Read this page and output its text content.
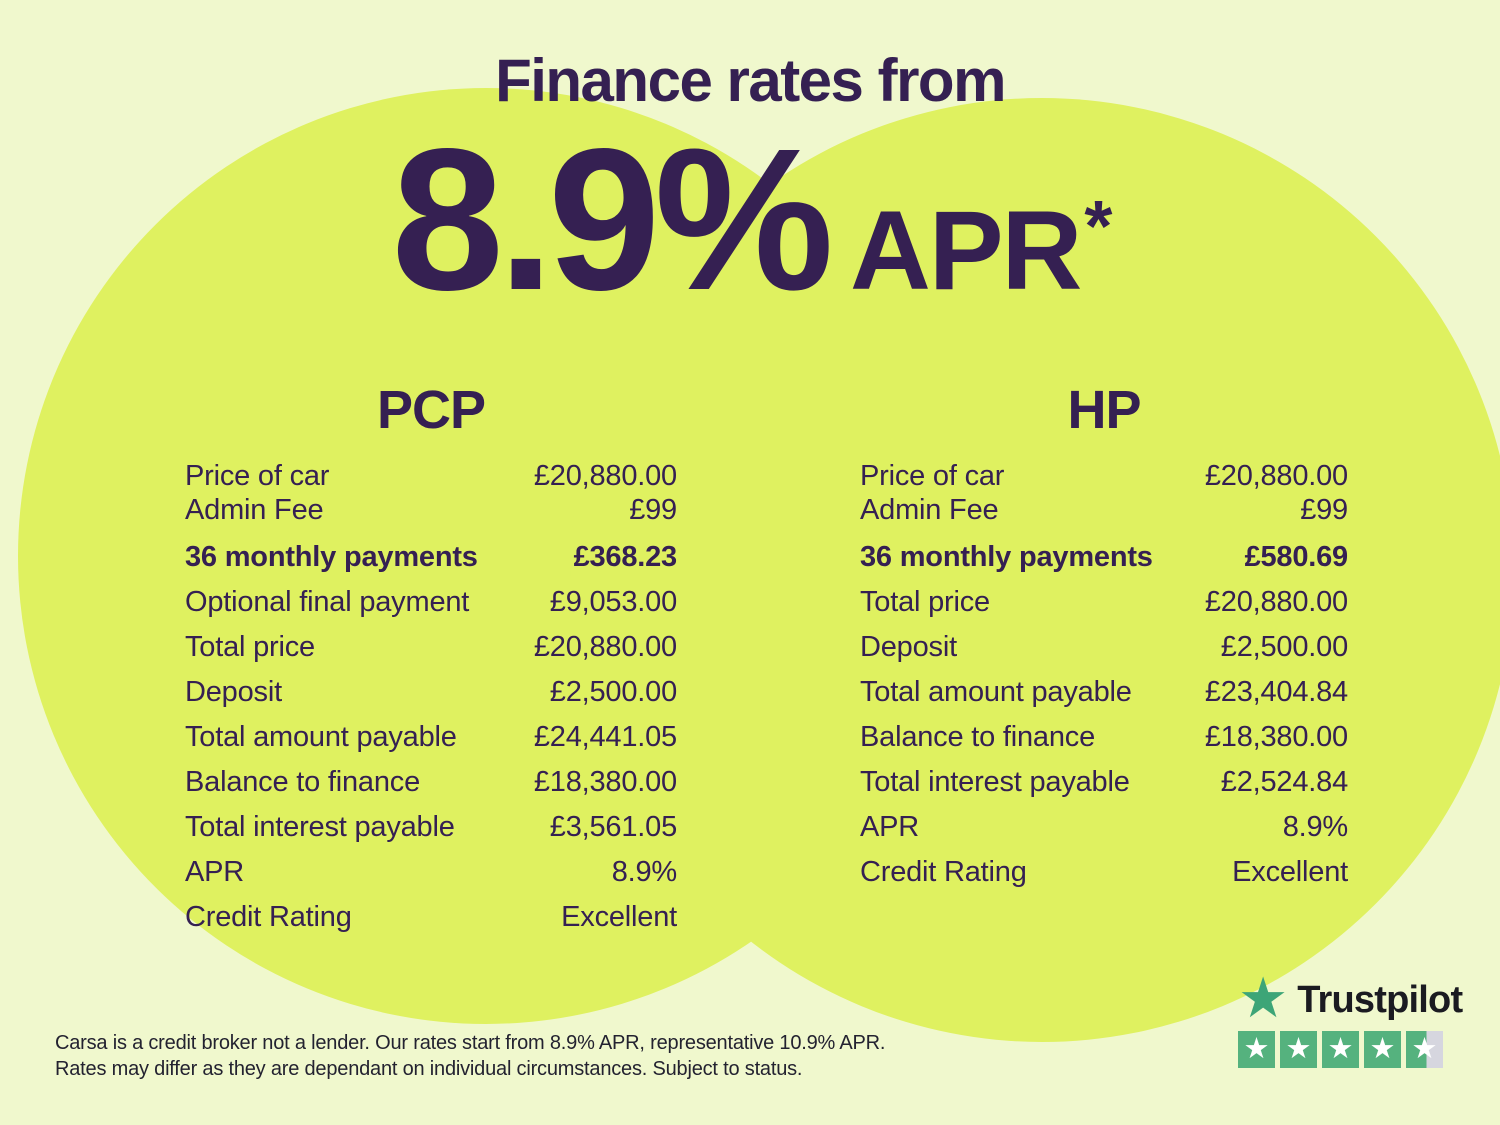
Finance rates from
8.9% APR *
PCP
Price of car	£20,880.00
Admin Fee	£99
36 monthly payments	£368.23
Optional final payment	£9,053.00
Total price	£20,880.00
Deposit	£2,500.00
Total amount payable	£24,441.05
Balance to finance	£18,380.00
Total interest payable	£3,561.05
APR	8.9%
Credit Rating	Excellent
HP
Price of car	£20,880.00
Admin Fee	£99
36 monthly payments	£580.69
Total price	£20,880.00
Deposit	£2,500.00
Total amount payable	£23,404.84
Balance to finance	£18,380.00
Total interest payable	£2,524.84
APR	8.9%
Credit Rating	Excellent
Carsa is a credit broker not a lender. Our rates start from 8.9% APR, representative 10.9% APR.
Rates may differ as they are dependant on individual circumstances. Subject to status.
★ Trustpilot
★ ★ ★ ★ ★
